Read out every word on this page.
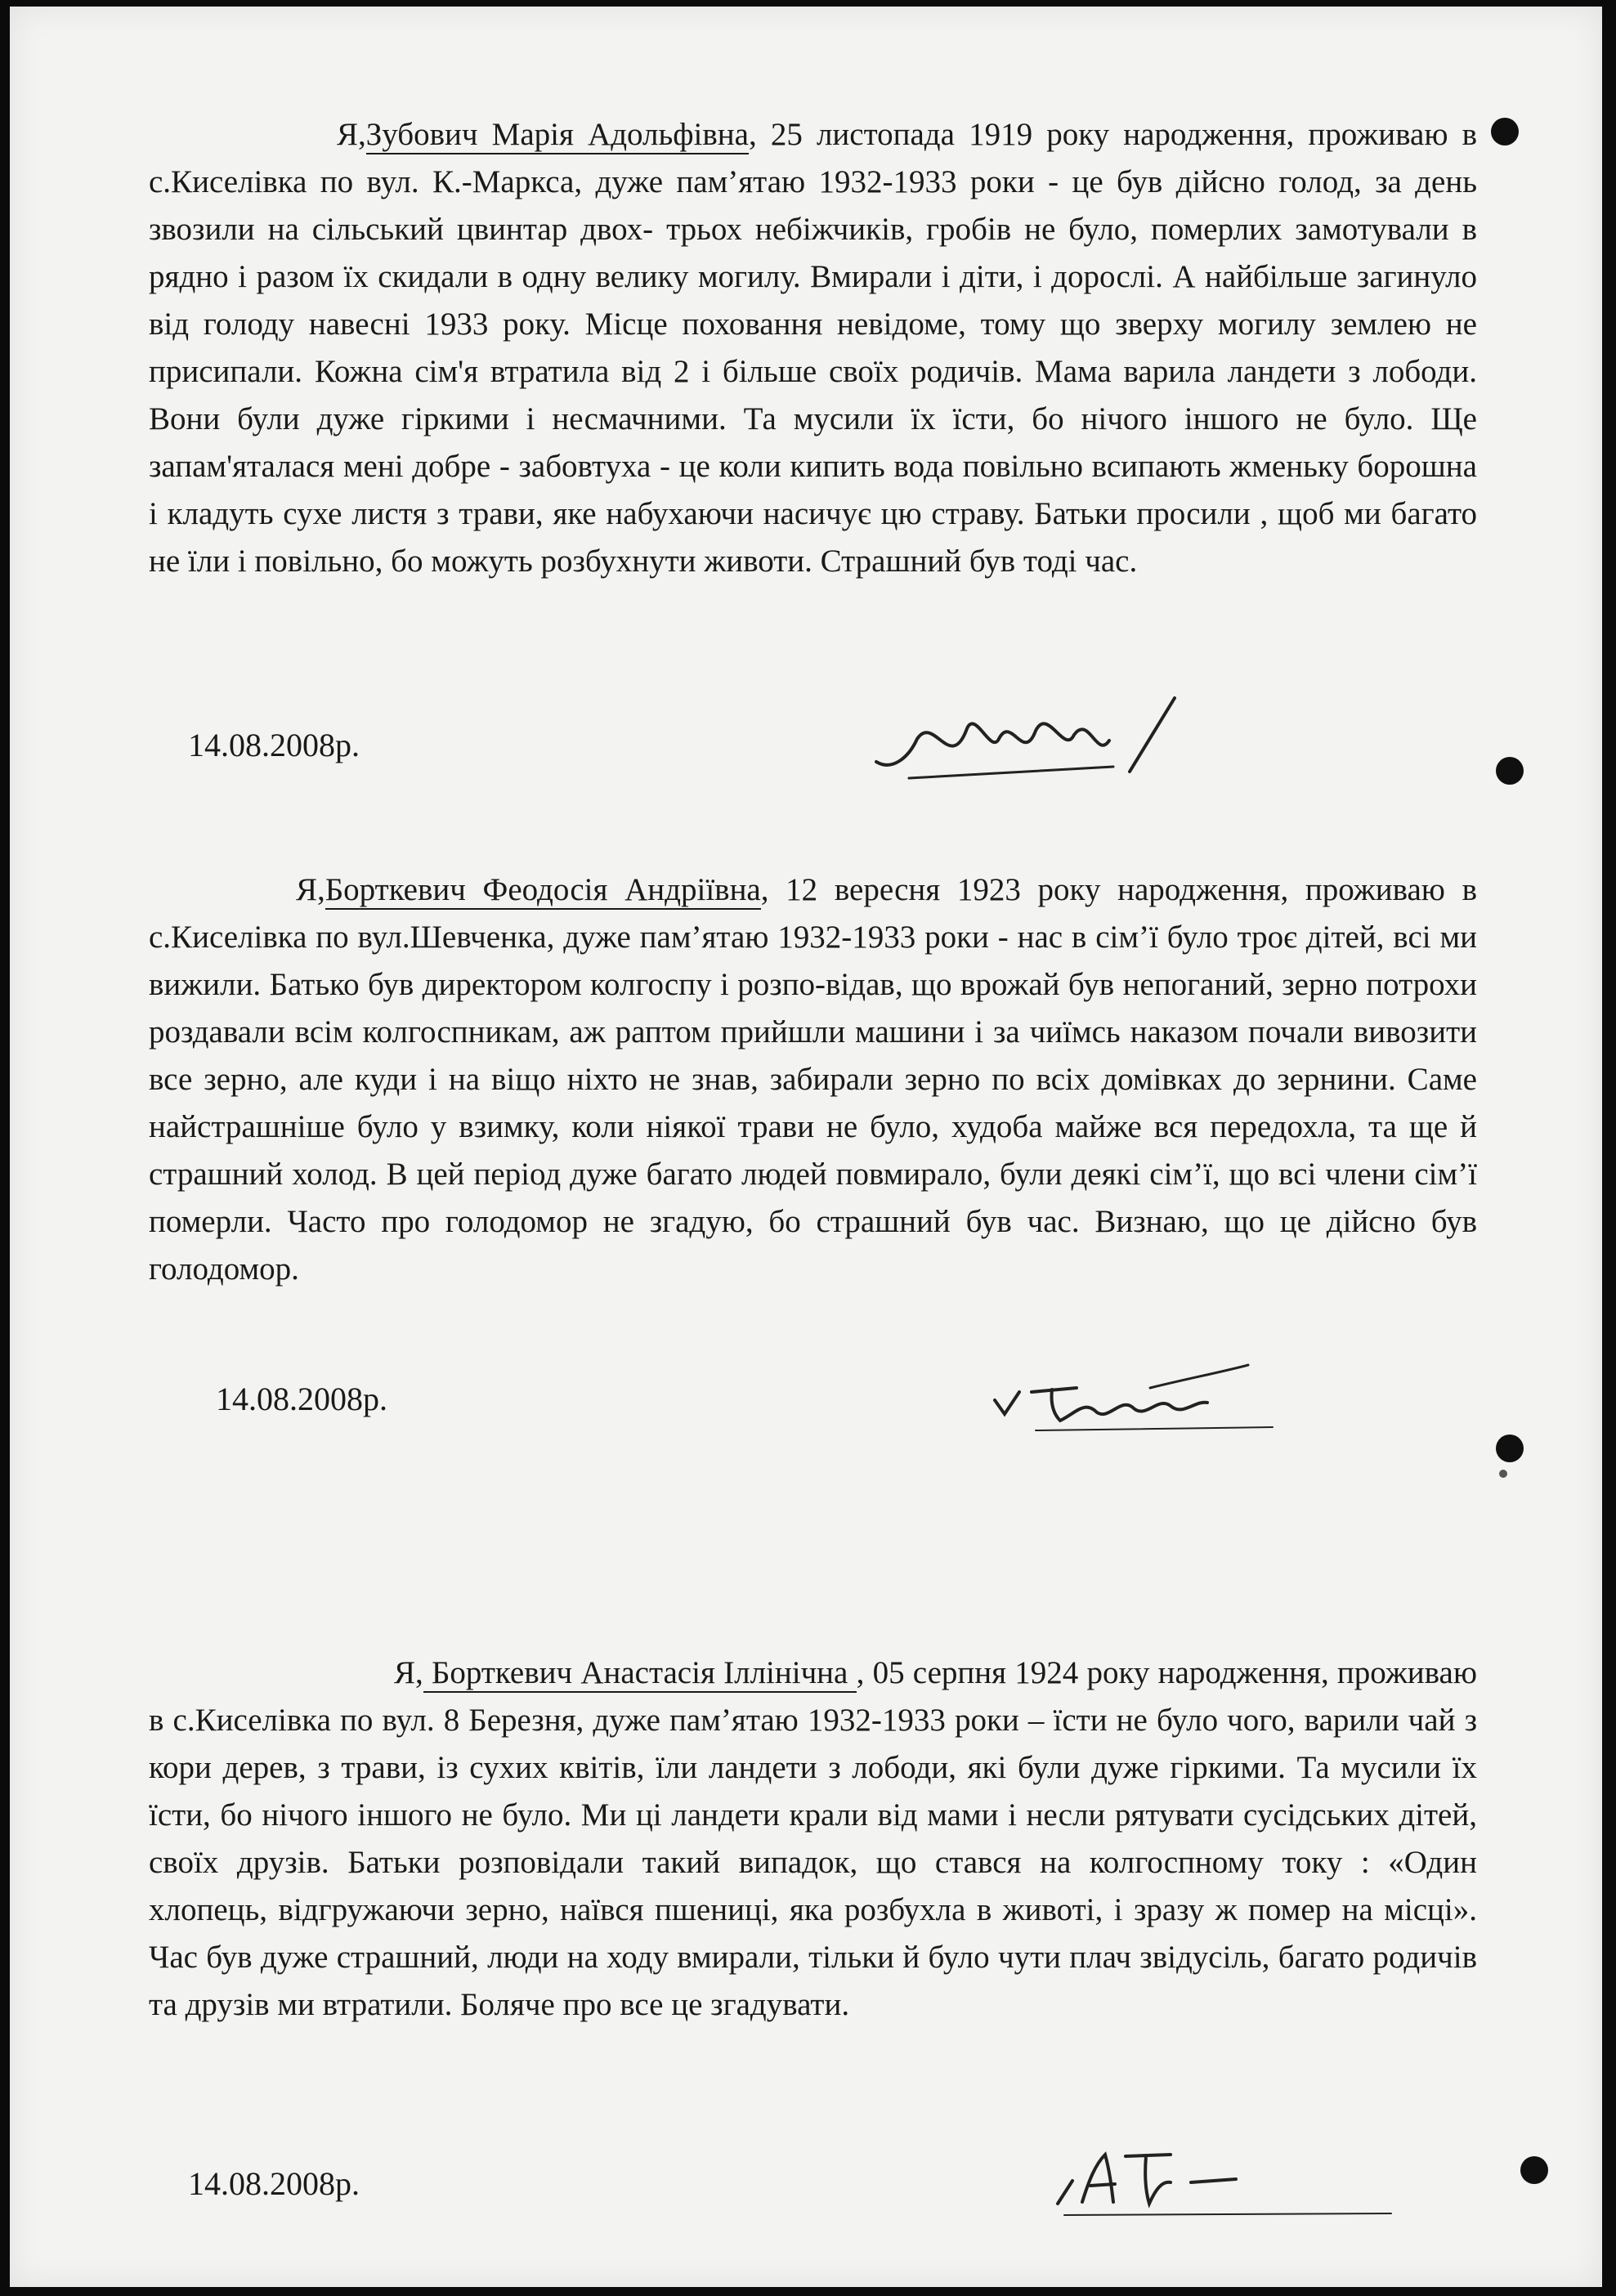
Я,Зубович Марія Адольфівна, 25 листопада 1919 року народження, проживаю в с.Киселівка по вул. К.-Маркса, дуже пам’ятаю 1932-1933 роки - це був дійсно голод, за день звозили на сільський цвинтар двох- трьох небіжчиків, гробів не було, померлих замотували в рядно і разом їх скидали в одну велику могилу. Вмирали і діти, і дорослі. А найбільше загинуло від голоду навесні 1933 року. Місце поховання невідоме, тому що зверху могилу землею не присипали. Кожна сім'я втратила від 2 і більше своїх родичів. Мама варила ландети з лободи. Вони були дуже гіркими і несмачними. Та мусили їх їсти, бо нічого іншого не було. Ще запам'яталася мені добре - забовтуха - це коли кипить вода повільно всипають жменьку борошна і кладуть сухе листя з трави, яке набухаючи насичує цю страву. Батьки просили , щоб ми багато не їли і повільно, бо можуть розбухнути животи. Страшний був тоді час.

14.08.2008р.

Я,Борткевич Феодосія Андріївна, 12 вересня 1923 року народження, проживаю в с.Киселівка по вул.Шевченка, дуже пам’ятаю 1932-1933 роки - нас в сім’ї було троє дітей, всі ми вижили. Батько був директором колгоспу і розпо-відав, що врожай був непоганий, зерно потрохи роздавали всім колгоспникам, аж раптом прийшли машини і за чиїмсь наказом почали вивозити все зерно, але куди і на віщо ніхто не знав, забирали зерно по всіх домівках до зернини. Саме найстрашніше було у взимку, коли ніякої трави не було, худоба майже вся передохла, та ще й страшний холод. В цей період дуже багато людей повмирало, були деякі сім’ї, що всі члени сім’ї померли. Часто про голодомор не згадую, бо страшний був час. Визнаю, що це дійсно був голодомор.

14.08.2008р.

Я, Борткевич Анастасія Іллінічна , 05 серпня 1924 року народження, проживаю в с.Киселівка по вул. 8 Березня, дуже пам’ятаю 1932-1933 роки – їсти не було чого, варили чай з кори дерев, з трави, із сухих квітів, їли ландети з лободи, які були дуже гіркими. Та мусили їх їсти, бо нічого іншого не було. Ми ці ландети крали від мами і несли рятувати сусідських дітей, своїх друзів. Батьки розповідали такий випадок, що стався на колгоспному току : «Один хлопець, відгружаючи зерно, наївся пшениці, яка розбухла в животі, і зразу ж помер на місці». Час був дуже страшний, люди на ходу вмирали, тільки й було чути плач звідусіль, багато родичів та друзів ми втратили. Боляче про все це згадувати.

14.08.2008р.
